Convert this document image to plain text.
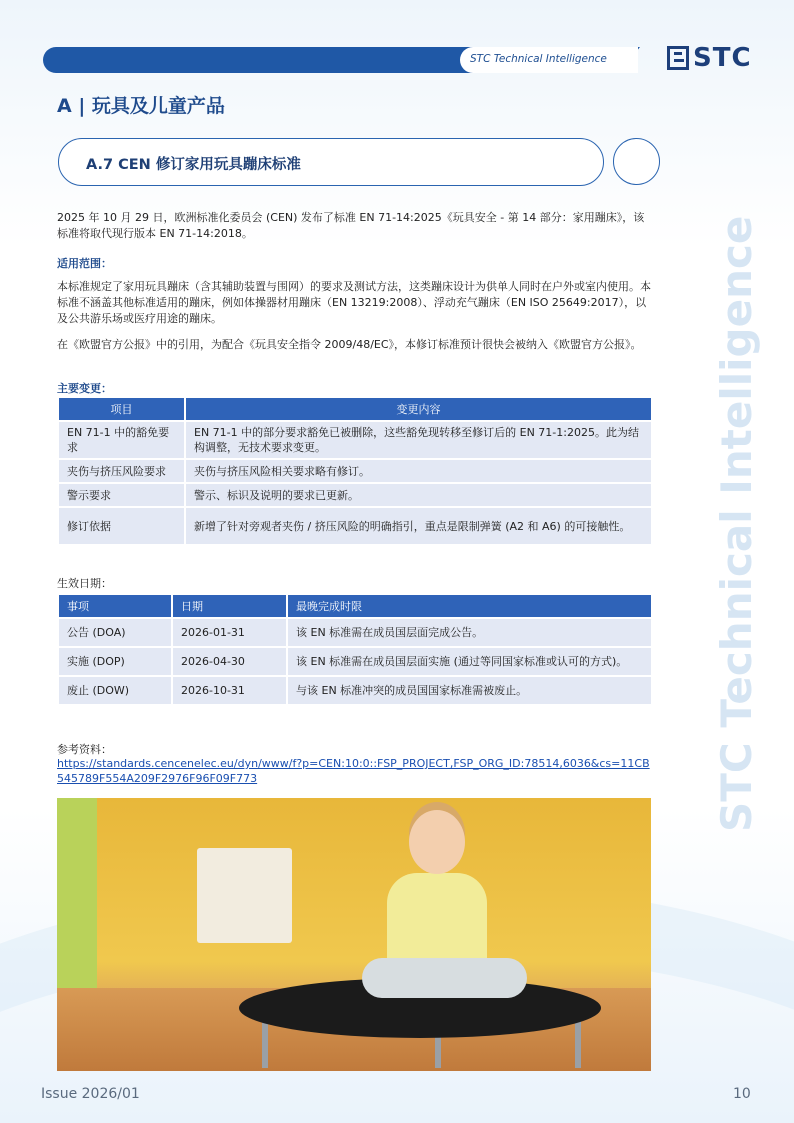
STC Technical Intelligence	STC
STC Technical Intelligence
A | 玩具及儿童产品
A.7 CEN 修订家用玩具蹦床标准
2025 年 10 月 29 日，欧洲标准化委员会 (CEN) 发布了标准 EN 71-14:2025《玩具安全 - 第 14 部分：家用蹦床》，该标准将取代现行版本 EN 71-14:2018。
适用范围：
本标准规定了家用玩具蹦床（含其辅助装置与围网）的要求及测试方法，这类蹦床设计为供单人同时在户外或室内使用。本标准不涵盖其他标准适用的蹦床，例如体操器材用蹦床（EN 13219:2008）、浮动充气蹦床（EN ISO 25649:2017），以及公共游乐场或医疗用途的蹦床。
在《欧盟官方公报》中的引用，为配合《玩具安全指令 2009/48/EC》，本修订标准预计很快会被纳入《欧盟官方公报》。
主要变更：
项目	变更内容
EN 71-1 中的豁免要求	EN 71-1 中的部分要求豁免已被删除，这些豁免现转移至修订后的 EN 71-1:2025。此为结构调整，无技术要求变更。
夹伤与挤压风险要求	夹伤与挤压风险相关要求略有修订。
警示要求	警示、标识及说明的要求已更新。
修订依据	新增了针对旁观者夹伤 / 挤压风险的明确指引，重点是限制弹簧 (A2 和 A6) 的可接触性。
生效日期：
事项	日期	最晚完成时限
公告 (DOA)	2026-01-31	该 EN 标准需在成员国层面完成公告。
实施 (DOP)	2026-04-30	该 EN 标准需在成员国层面实施 (通过等同国家标准或认可的方式)。
废止 (DOW)	2026-10-31	与该 EN 标准冲突的成员国国家标准需被废止。
参考资料：
https://standards.cencenelec.eu/dyn/www/f?p=CEN:10:0::FSP_PROJECT,FSP_ORG_ID:78514,6036&cs=11CB545789F554A209F2976F96F09F773
Issue 2026/01	10
